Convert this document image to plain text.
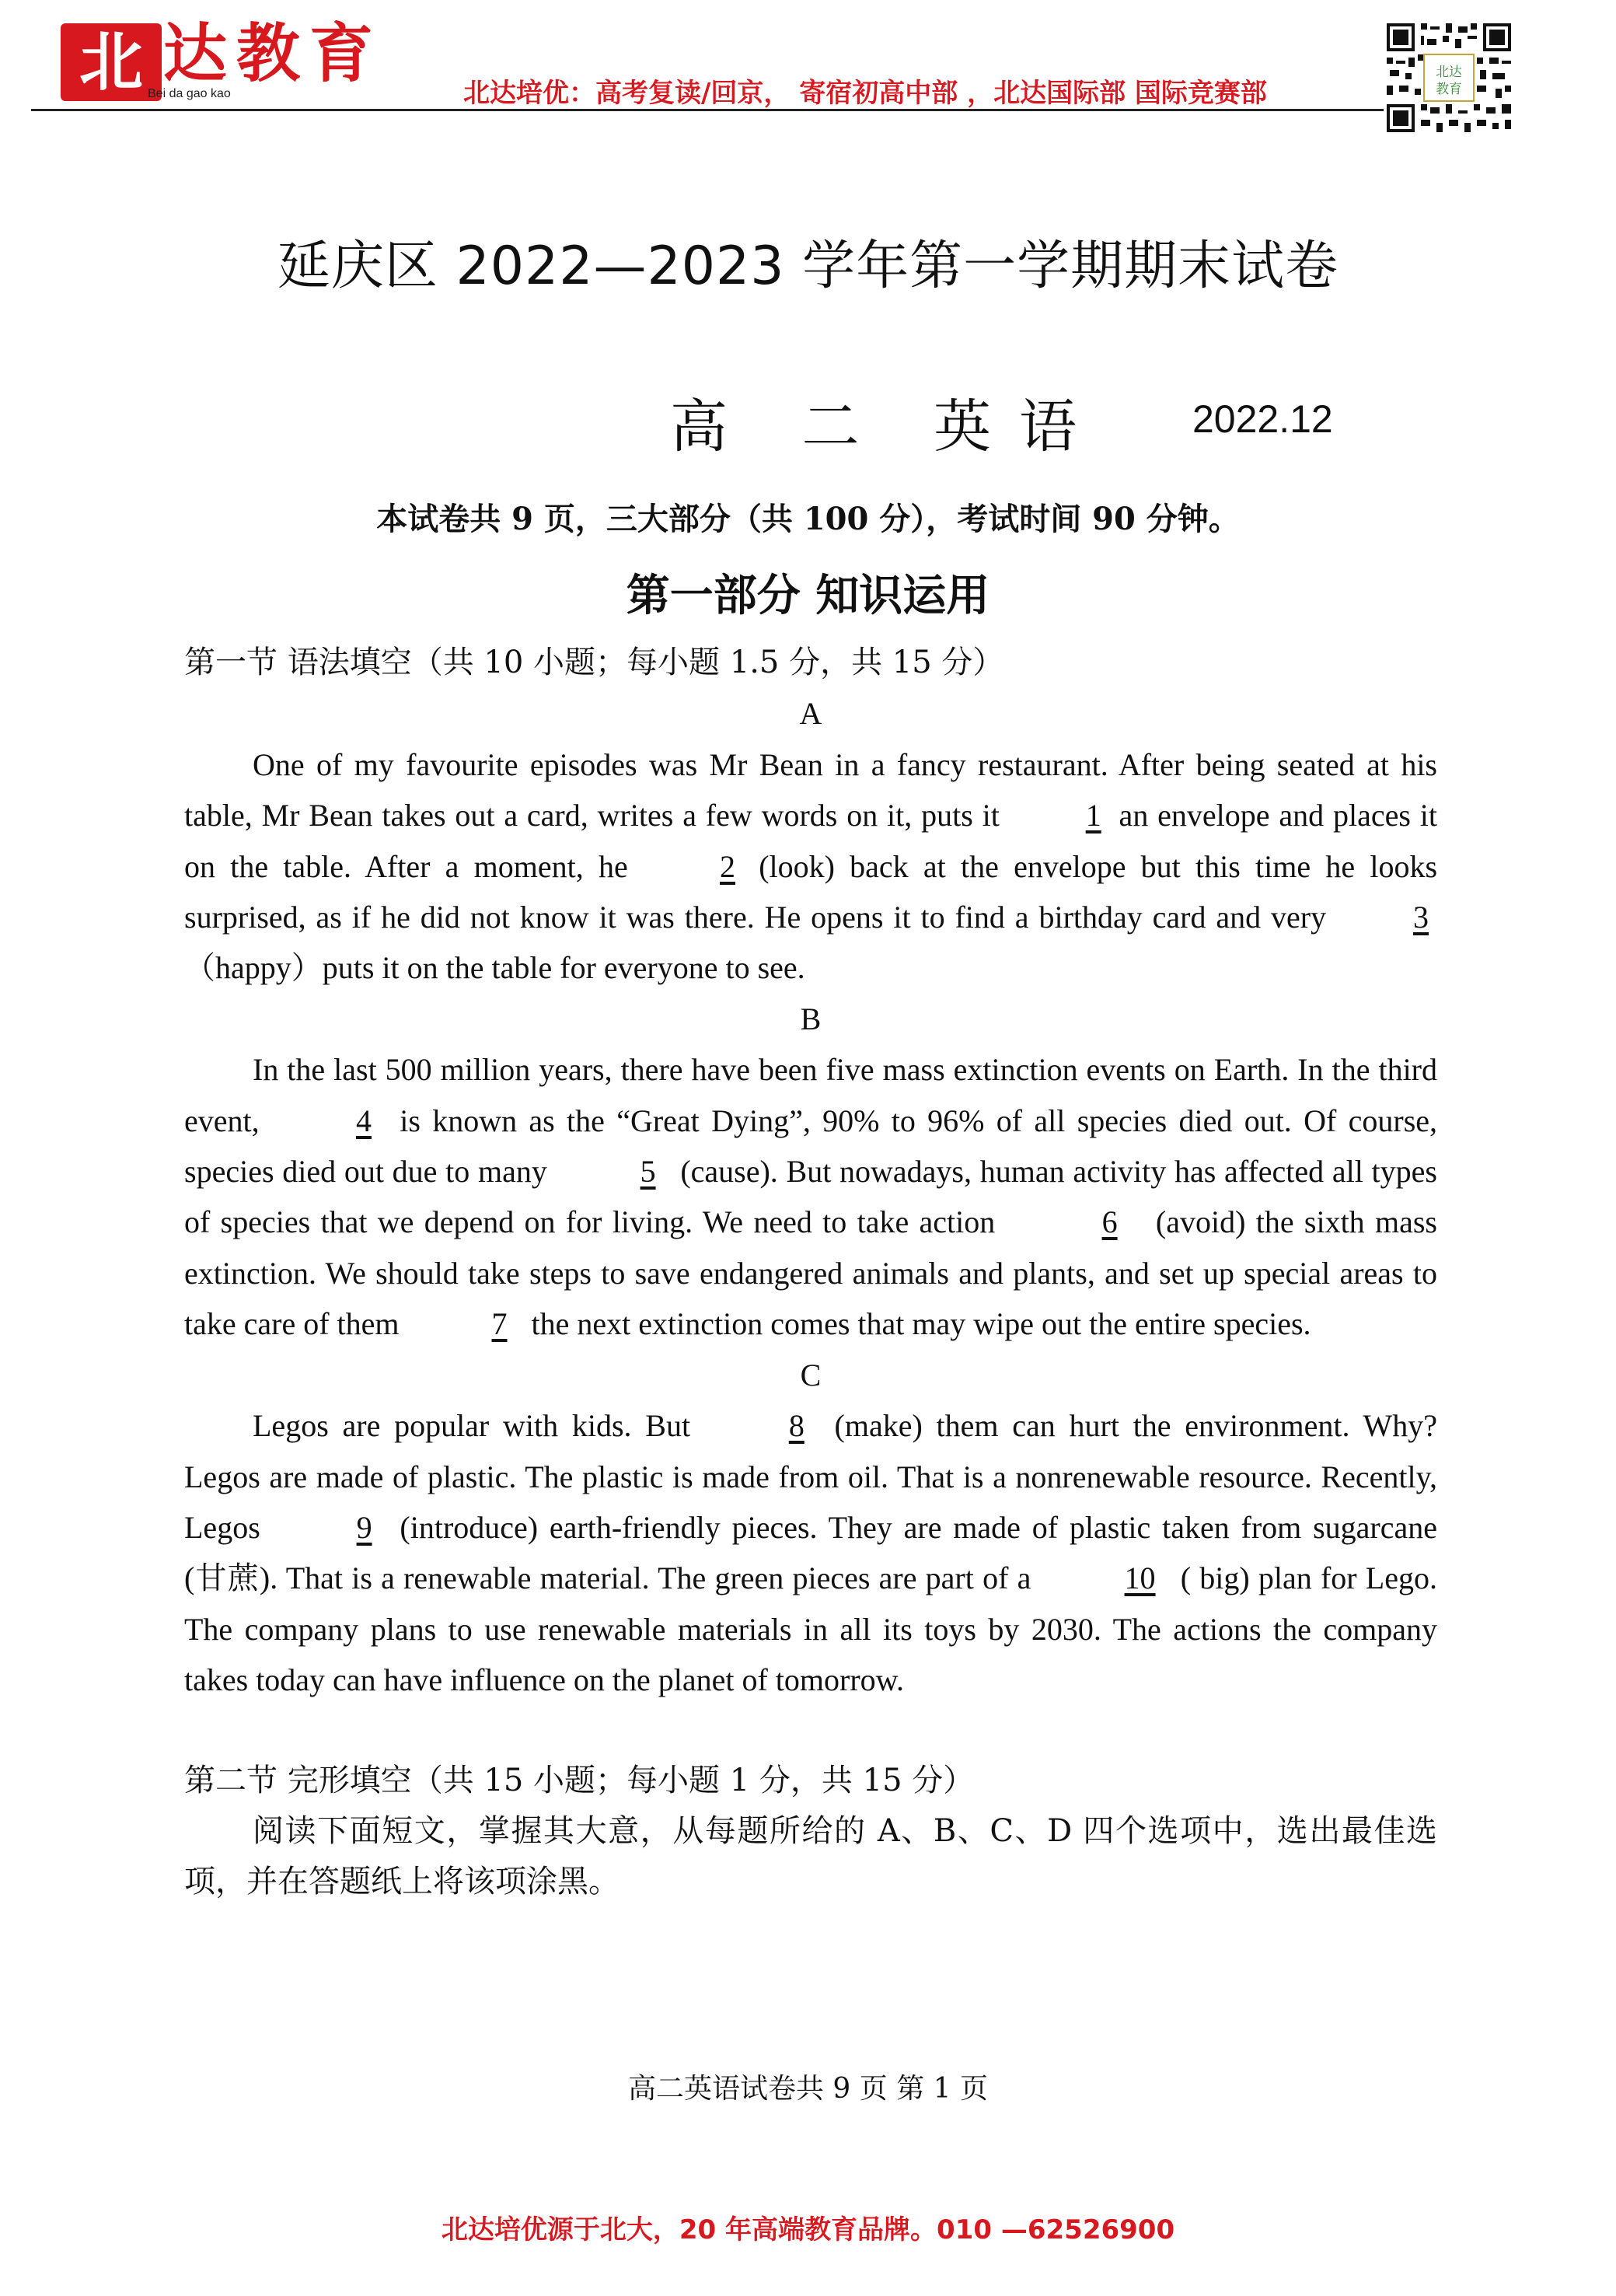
北 达教育
Bei da gao kao	北达培优：高考复读/回京， 寄宿初高中部 ，北达国际部 国际竞赛部
北达
教育
延庆区 2022—2023 学年第一学期期末试卷
高 二 英语 2022.12
本试卷共 9 页，三大部分（共 100 分），考试时间 90 分钟。
第一部分 知识运用
第一节 语法填空（共 10 小题；每小题 1.5 分，共 15 分）
A

One of my favourite episodes was Mr Bean in a fancy restaurant. After being seated at his table, Mr Bean takes out a card, writes a few words on it, puts it 1 an envelope and places it on the table. After a moment, he 2 (look) back at the envelope but this time he looks surprised, as if he did not know it was there. He opens it to find a birthday card and very 3（happy）puts it on the table for everyone to see.

B

In the last 500 million years, there have been five mass extinction events on Earth. In the third event,	4 is known as the “Great Dying”, 90% to 96% of all species died out. Of course, species died out due to many	5 (cause). But nowadays, human activity has affected all types of species that we depend on for living. We need to take action	6 (avoid) the sixth mass extinction. We should take steps to save endangered animals and plants, and set up special areas to take care of them	7 the next extinction comes that may wipe out the entire species.

C

Legos are popular with kids. But	8 (make) them can hurt the environment. Why? Legos are made of plastic. The plastic is made from oil. That is a nonrenewable resource. Recently, Legos	9 (introduce) earth-friendly pieces. They are made of plastic taken from sugarcane (甘蔗). That is a renewable material. The green pieces are part of a	10 ( big) plan for Lego. The company plans to use renewable materials in all its toys by 2030. The actions the company takes today can have influence on the planet of tomorrow.

第二节 完形填空（共 15 小题；每小题 1 分，共 15 分）
阅读下面短文，掌握其大意，从每题所给的 A、B、C、D 四个选项中，选出最佳选项，并在答题纸上将该项涂黑。
高二英语试卷共 9 页 第 1 页
北达培优源于北大，20 年高端教育品牌。010 —62526900
